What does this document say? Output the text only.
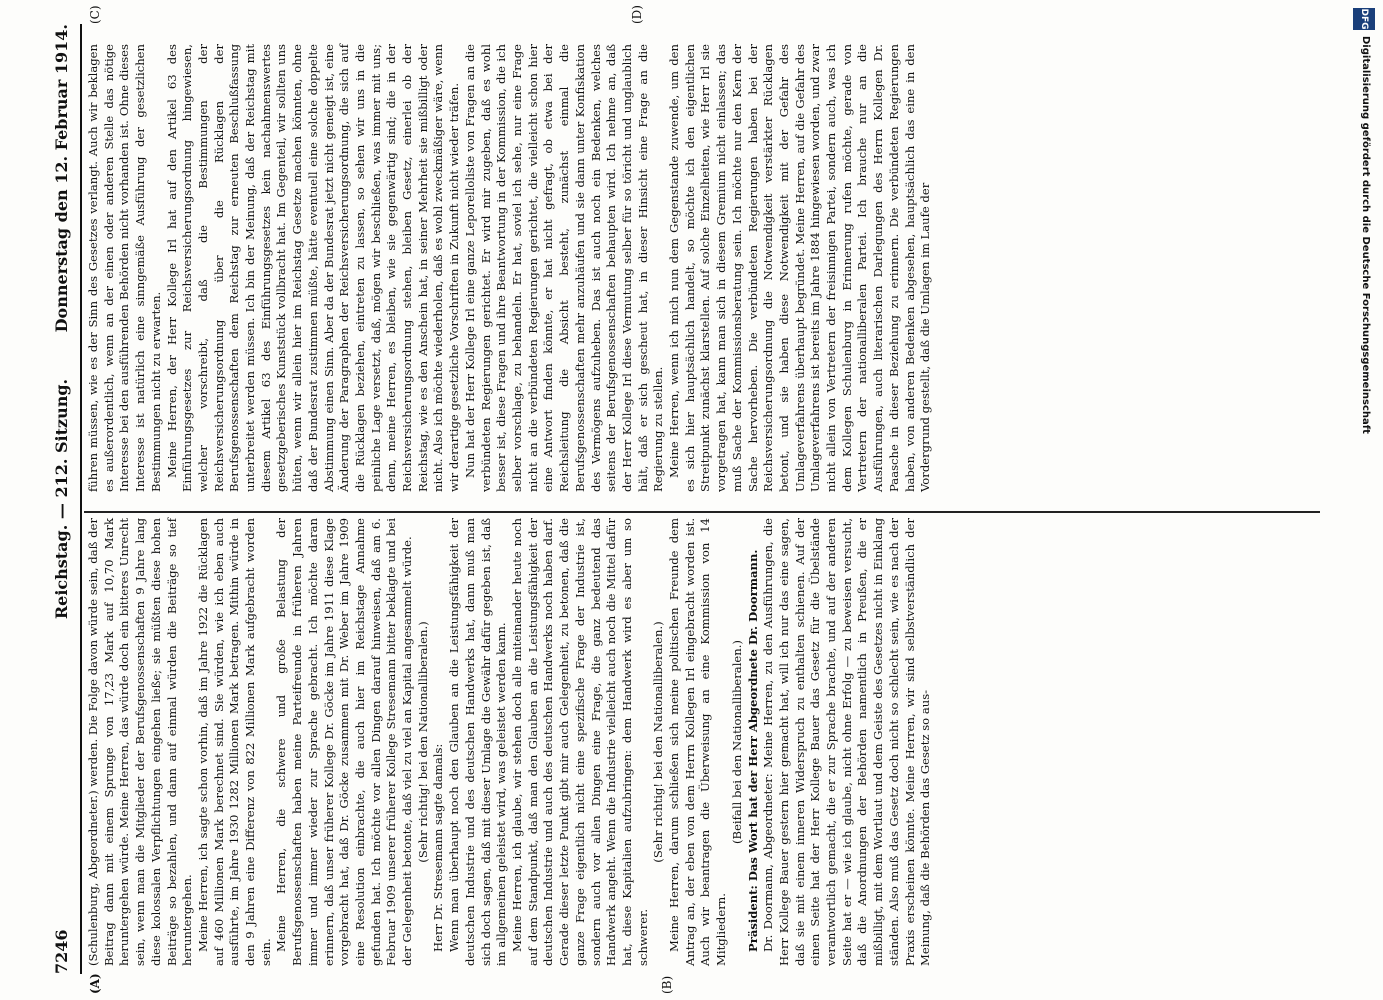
7246
Reichstag. — 212. Sitzung.
Donnerstag den 12. Februar 1914.
(A)	(B)
(C)	(D)

(Schulenburg, Abgeordneter.) werden. Die Folge davon würde sein, daß der Beitrag dann mit einem Sprunge von 17,23 Mark auf 10,70 Mark heruntergehen würde. Meine Herren, das würde doch ein bitteres Unrecht sein, wenn man die Mitglieder der Berufsgenossenschaften 9 Jahre lang diese kolossalen Verpflichtungen eingehen ließe; sie müßten diese hohen Beiträge so bezahlen, und dann auf einmal würden die Beiträge so tief heruntergehen. Meine Herren, ich sagte schon vorhin, daß im Jahre 1922 die Rücklagen auf 460 Millionen Mark berechnet sind. Sie würden, wie ich eben auch ausführte, im Jahre 1930 1282 Millionen Mark betragen. Mithin würde in den 9 Jahren eine Differenz von 822 Millionen Mark aufgebracht worden sein.

Meine Herren, die schwere und große Belastung der Berufsgenossenschaften haben meine Parteifreunde in früheren Jahren immer und immer wieder zur Sprache gebracht. Ich möchte daran erinnern, daß unser früherer Kollege Dr. Göcke im Jahre 1911 diese Klage vorgebracht hat, daß Dr. Göcke zusammen mit Dr. Weber im Jahre 1909 eine Resolution einbrachte, die auch hier im Reichstage Annahme gefunden hat. Ich möchte vor allen Dingen darauf hinweisen, daß am 6. Februar 1909 unserer früherer Kollege Stresemann bitter beklagte und bei der Gelegenheit betonte, daß viel zu viel an Kapital angesammelt würde. (Sehr richtig! bei den Nationalliberalen.) Herr Dr. Stresemann sagte damals: Wenn man überhaupt noch den Glauben an die Leistungsfähigkeit der deutschen Industrie und des deutschen Handwerks hat, dann muß man sich doch sagen, daß mit dieser Umlage die Gewähr dafür gegeben ist, daß im allgemeinen geleistet wird, was geleistet werden kann. Meine Herren, ich glaube, wir stehen doch alle miteinander heute noch auf dem Standpunkt, daß man den Glauben an die Leistungsfähigkeit der deutschen Industrie und auch des deutschen Handwerks noch haben darf. Gerade dieser letzte Punkt gibt mir auch Gelegenheit, zu betonen, daß die ganze Frage eigentlich nicht eine spezifische Frage der Industrie ist, sondern auch vor allen Dingen eine Frage, die ganz bedeutend das Handwerk angeht. Wenn die Industrie vielleicht auch noch die Mittel dafür hat, diese Kapitalien aufzubringen: dem Handwerk wird es aber um so schwerer.

(Sehr richtig! bei den Nationalliberalen.) Meine Herren, darum schließen sich meine politischen Freunde dem Antrag an, der eben von dem Herrn Kollegen Irl eingebracht worden ist. Auch wir beantragen die Überweisung an eine Kommission von 14 Mitgliedern.

(Beifall bei den Nationalliberalen.) Präsident: Das Wort hat der Herr Abgeordnete Dr. Doormann. Dr. Doormann, Abgeordneter: Meine Herren, zu den Ausführungen, die Herr Kollege Bauer gestern hier gemacht hat, will ich nur das eine sagen, daß sie mit einem inneren Widerspruch zu enthalten schienen. Auf der einen Seite hat der Herr Kollege Bauer das Gesetz für die Übelstände verantwortlich gemacht, die er zur Sprache brachte, und auf der anderen Seite hat er — wie ich glaube, nicht ohne Erfolg — zu beweisen versucht, daß die Anordnungen der Behörden namentlich in Preußen, die er mißbilligt, mit dem Wortlaut und dem Geiste des Gesetzes nicht in Einklang ständen. Also muß das Gesetz doch nicht so schlecht sein, wie es nach der Praxis erscheinen könnte. Meine Herren, wir sind selbstverständlich der Meinung, daß die Behörden das Gesetz so aus-

führen müssen, wie es der Sinn des Gesetzes verlangt. Auch wir beklagen es außerordentlich, wenn an der einen oder anderen Stelle das nötige Interesse bei den ausführenden Behörden nicht vorhanden ist. Ohne dieses Interesse ist natürlich eine sinngemäße Ausführung der gesetzlichen Bestimmungen nicht zu erwarten. Meine Herren, der Herr Kollege Irl hat auf den Artikel 63 des Einführungsgesetzes zur Reichsversicherungsordnung hingewiesen, welcher vorschreibt, daß die Bestimmungen der Reichsversicherungsordnung über die Rücklagen der Berufsgenossenschaften dem Reichstag zur erneuten Beschlußfassung unterbreitet werden müssen. Ich bin der Meinung, daß der Reichstag mit diesem Artikel 63 des Einführungsgesetzes kein nachahmenswertes gesetzgeberisches Kunststück vollbracht hat. Im Gegenteil, wir sollten uns hüten, wenn wir allein hier im Reichstag Gesetze machen könnten, ohne daß der Bundesrat zustimmen müßte, hätte eventuell eine solche doppelte Abstimmung einen Sinn. Aber da der Bundesrat jetzt nicht geneigt ist, eine Änderung der Paragraphen der Reichsversicherungsordnung, die sich auf die Rücklagen beziehen, eintreten zu lassen, so sehen wir uns in die peinliche Lage versetzt, daß, mögen wir beschließen, was immer mit uns; denn, meine Herren, es bleiben, wie sie gegenwärtig sind; die in der Reichsversicherungsordnung stehen, bleiben Gesetz, einerlei ob der Reichstag, wie es den Anschein hat, in seiner Mehrheit sie mißbilligt oder nicht. Also ich möchte wiederholen, daß es wohl zweckmäßiger wäre, wenn wir derartige gesetzliche Vorschriften in Zukunft nicht wieder träfen. Nun hat der Herr Kollege Irl eine ganze Leporelloliste von Fragen an die verbündeten Regierungen gerichtet. Er wird mir zugeben, daß es wohl besser ist, diese Fragen und ihre Beantwortung in der Kommission, die ich selber vorschlage, zu behandeln. Er hat, soviel ich sehe, nur eine Frage nicht an die verbündeten Regierungen gerichtet, die vielleicht schon hier eine Antwort finden könnte, er hat nicht gefragt, ob etwa bei der Reichsleitung die Absicht besteht, zunächst einmal die Berufsgenossenschaften mehr anzuhäufen und sie dann unter Konfiskation des Vermögens aufzuheben. Das ist auch noch ein Bedenken, welches seitens der Berufsgenossenschaften behaupten wird. Ich nehme an, daß der Herr Kollege Irl diese Vermutung selber für so töricht und unglaublich hält, daß er sich gescheut hat, in dieser Hinsicht eine Frage an die Regierung zu stellen. Meine Herren, wenn ich mich nun dem Gegenstande zuwende, um den es sich hier hauptsächlich handelt, so möchte ich den eigentlichen Streitpunkt zunächst klarstellen. Auf solche Einzelheiten, wie Herr Irl sie vorgetragen hat, kann man sich in diesem Gremium nicht einlassen; das muß Sache der Kommissionsberatung sein. Ich möchte nur den Kern der Sache hervorheben. Die verbündeten Regierungen haben bei der Reichsversicherungsordnung die Notwendigkeit verstärkter Rücklagen betont, und sie haben diese Notwendigkeit mit der Gefahr des Umlageverfahrens überhaupt begründet. Meine Herren, auf die Gefahr des Umlageverfahrens ist bereits im Jahre 1884 hingewiesen worden, und zwar nicht allein von Vertretern der freisinnigen Partei, sondern auch, was ich dem Kollegen Schulenburg in Erinnerung rufen möchte, gerade von Vertretern der nationalliberalen Partei. Ich brauche nur an die Ausführungen, auch literarischen Darlegungen des Herrn Kollegen Dr. Paasche in dieser Beziehung zu erinnern. Die verbündeten Regierungen haben, von anderen Bedenken abgesehen, hauptsächlich das eine in den Vordergrund gestellt, daß die Umlagen im Laufe der

DFG
Digitalisierung gefördert durch die Deutsche Forschungsgemeinschaft
